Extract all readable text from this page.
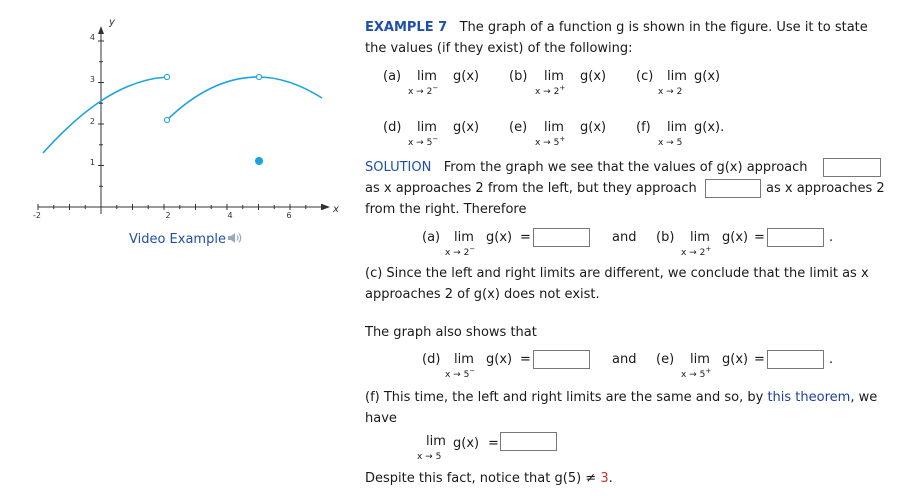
x
y
-2	2	4	6
1
2
3
4
Video Example
EXAMPLE 7 The graph of a function g is shown in the figure. Use it to state
the values (if they exist) of the following:
(a) lim
x → 2−
g(x) (b) lim
x → 2+
g(x) (c) lim
x → 2
g(x)
(d) lim
x → 5−
g(x) (e) lim
x → 5+
g(x) (f) lim
x → 5
g(x).
SOLUTION From the graph we see that the values of g(x) approach
as x approaches 2 from the left, but they approach	as x approaches 2
from the right. Therefore
(a) lim
x → 2−
g(x) =	and (b) lim
x → 2+
g(x) =	.
(c) Since the left and right limits are different, we conclude that the limit as x
approaches 2 of g(x) does not exist.
The graph also shows that
(d) lim
x → 5−
g(x) =	and (e) lim
x → 5+
g(x) =	.
(f) This time, the left and right limits are the same and so, by this theorem, we
have
lim
x → 5
g(x) =
Despite this fact, notice that g(5) ≠ 3.
